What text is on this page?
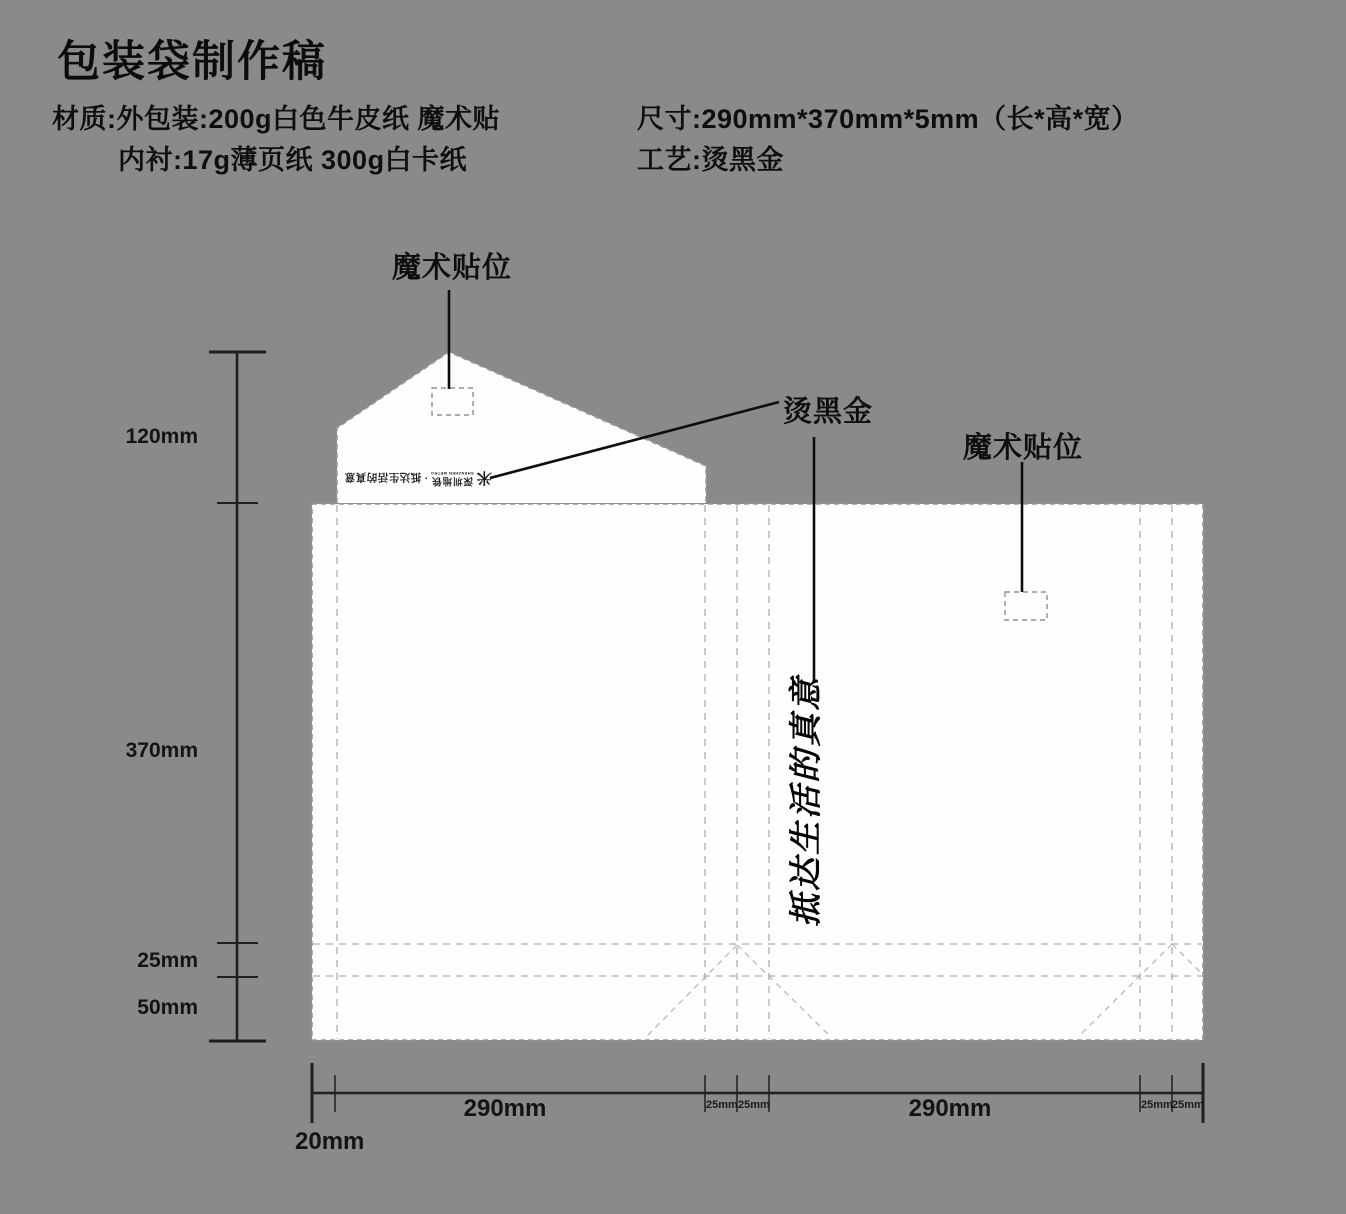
包装袋制作稿
材质:外包装:200g白色牛皮纸 魔术贴
内衬:17g薄页纸 300g白卡纸
尺寸:290mm*370mm*5mm（长*高*宽）
工艺:烫黑金
魔术贴位
烫黑金
魔术贴位
米
深圳地铁
SHENZHEN METRO
·
抵达生活的真意
抵达生活的真意
120mm
370mm
25mm
50mm
290mm	25mm 25mm	290mm	25mm 25mm
20mm
